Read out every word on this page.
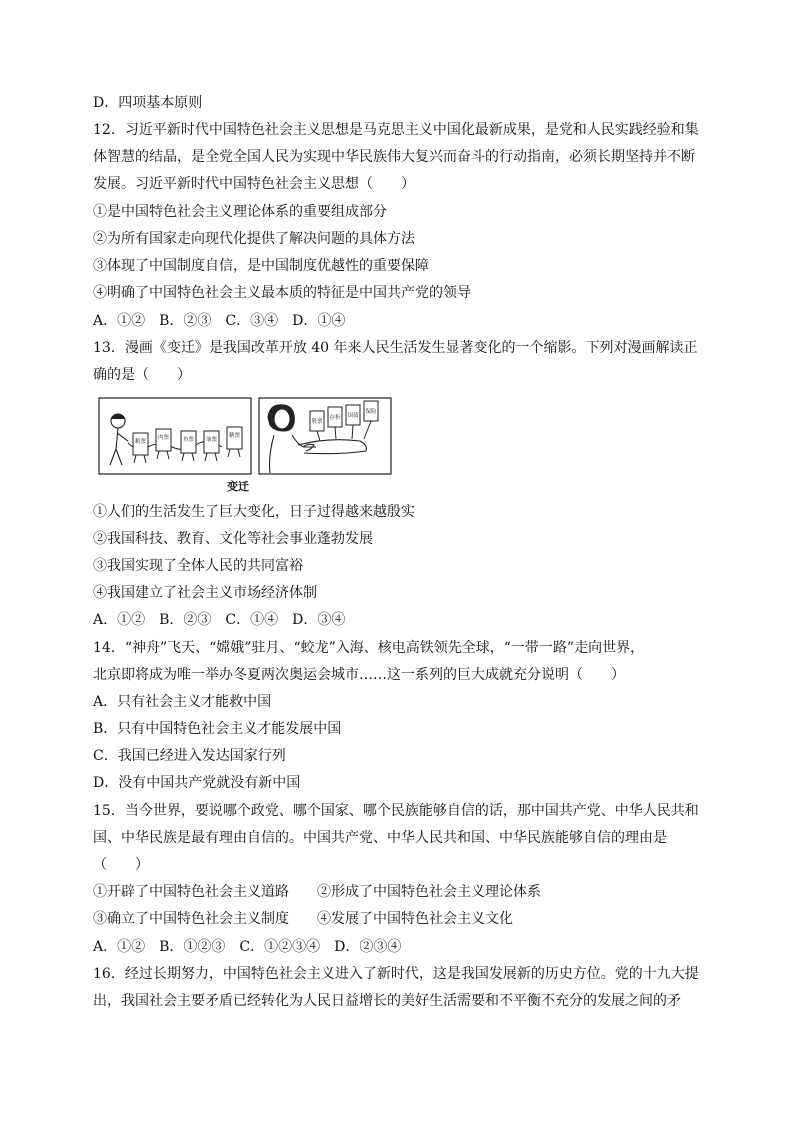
D．四项基本原则
12．习近平新时代中国特色社会主义思想是马克思主义中国化最新成果，是党和人民实践经验和集
体智慧的结晶，是全党全国人民为实现中华民族伟大复兴而奋斗的行动指南，必须长期坚持并不断
发展。习近平新时代中国特色社会主义思想（　　）
①是中国特色社会主义理论体系的重要组成部分
②为所有国家走向现代化提供了解决问题的具体方法
③体现了中国制度自信，是中国制度优越性的重要保障
④明确了中国特色社会主义最本质的特征是中国共产党的领导
A．①②　B．②③　C．③④　D．①④
13．漫画《变迁》是我国改革开放 40 年来人民生活发生显著变化的一个缩影。下列对漫画解读正
确的是（　　）
粮票
肉票	鱼票 油票
糖票
股票
存折 国债
保险
变迁
①人们的生活发生了巨大变化，日子过得越来越殷实
②我国科技、教育、文化等社会事业蓬勃发展
③我国实现了全体人民的共同富裕
④我国建立了社会主义市场经济体制
A．①②　B．②③　C．①④　D．③④
14．“神舟”飞天、“嫦娥”驻月、“蛟龙”入海、核电高铁领先全球，“一带一路”走向世界，
北京即将成为唯一举办冬夏两次奥运会城市……这一系列的巨大成就充分说明（　　）
A．只有社会主义才能救中国
B．只有中国特色社会主义才能发展中国
C．我国已经进入发达国家行列
D．没有中国共产党就没有新中国
15．当今世界，要说哪个政党、哪个国家、哪个民族能够自信的话，那中国共产党、中华人民共和
国、中华民族是最有理由自信的。中国共产党、中华人民共和国、中华民族能够自信的理由是
（　　）
①开辟了中国特色社会主义道路 ②形成了中国特色社会主义理论体系
③确立了中国特色社会主义制度 ④发展了中国特色社会主义文化
A．①②　B．①②③　C．①②③④　D．②③④
16．经过长期努力，中国特色社会主义进入了新时代，这是我国发展新的历史方位。党的十九大提
出，我国社会主要矛盾已经转化为人民日益增长的美好生活需要和不平衡不充分的发展之间的矛
